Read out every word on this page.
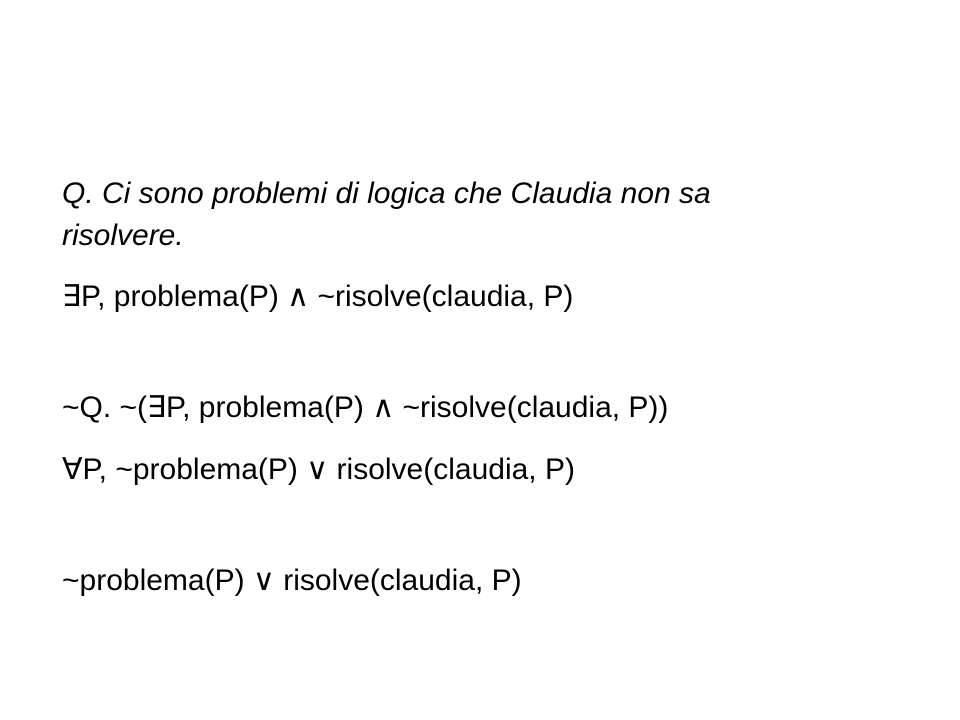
Q. Ci sono problemi di logica che Claudia non sa

risolvere.

∃P, problema(P) ∧ ~risolve(claudia, P)

~Q. ~(∃P, problema(P) ∧ ~risolve(claudia, P))

∀P, ~problema(P) ∨ risolve(claudia, P)

~problema(P) ∨ risolve(claudia, P)
